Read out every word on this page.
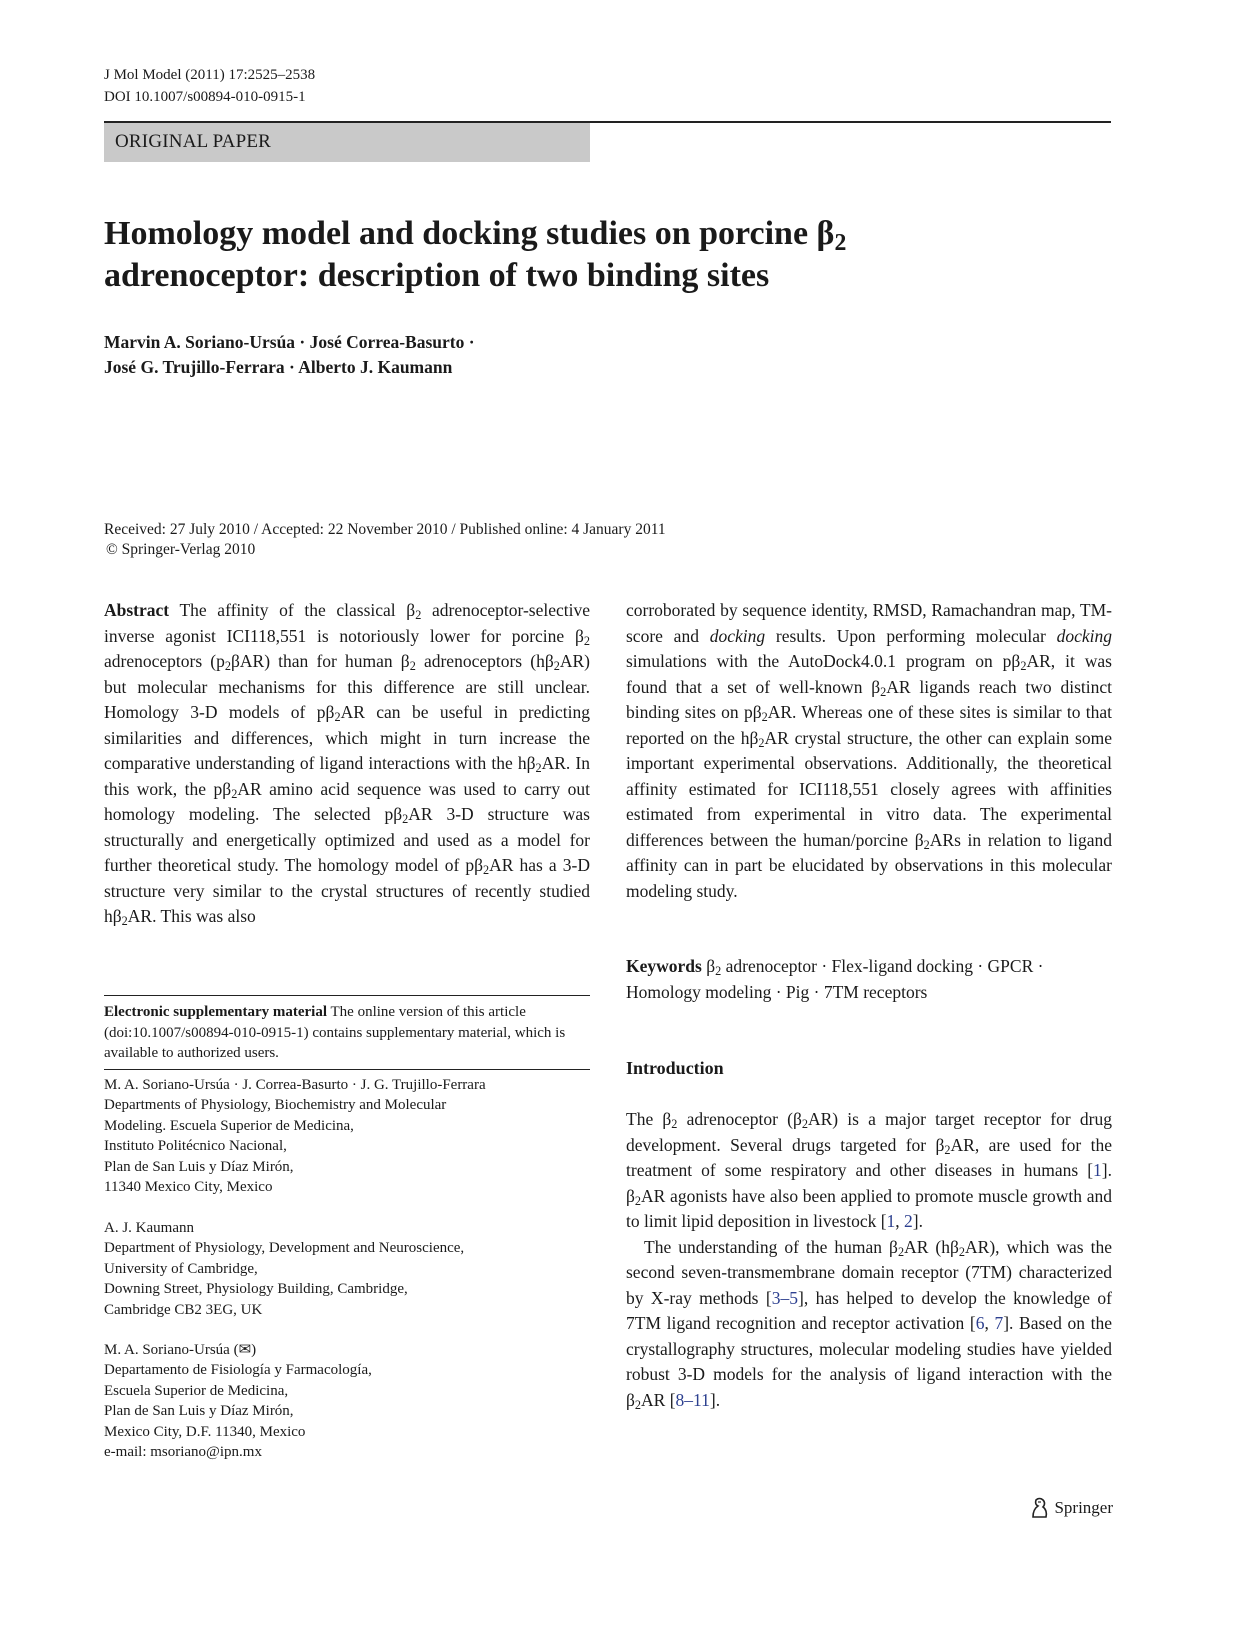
J Mol Model (2011) 17:2525–2538
DOI 10.1007/s00894-010-0915-1
ORIGINAL PAPER
Homology model and docking studies on porcine $\beta_2$
adrenoceptor: description of two binding sites
Marvin A. Soriano-Ursúa · José Correa-Basurto ·
José G. Trujillo-Ferrara · Alberto J. Kaumann
Received: 27 July 2010 / Accepted: 22 November 2010 / Published online: 4 January 2011
© Springer-Verlag 2010
Abstract The affinity of the classical $\beta_2$ adrenoceptor-selective inverse agonist ICI118,551 is notoriously lower for porcine $\beta_2$ adrenoceptors $(p_2\beta AR)$ than for human $\beta_2$ adrenoceptors $(h\beta_2AR)$ but molecular mechanisms for this difference are still unclear. Homology 3-D models of $p\beta_2AR$ can be useful in predicting similarities and differences, which might in turn increase the comparative understanding of ligand interactions with the $h\beta_2AR$. In this work, the $p\beta_2AR$ amino acid sequence was used to carry out homology modeling. The selected $p\beta_2AR$ 3-D structure was structurally and energetically optimized and used as a model for further theoretical study. The homology model of $p\beta_2AR$ has a 3-D structure very similar to the crystal structures of recently studied $h\beta_2AR$. This was also
corroborated by sequence identity, RMSD, Ramachandran map, TM-score and docking results. Upon performing molecular docking simulations with the AutoDock4.0.1 program on $p\beta_2AR$, it was found that a set of well-known $\beta_2AR$ ligands reach two distinct binding sites on $p\beta_2AR$. Whereas one of these sites is similar to that reported on the $h\beta_2AR$ crystal structure, the other can explain some important experimental observations. Additionally, the theoretical affinity estimated for ICI118,551 closely agrees with affinities estimated from experimental in vitro data. The experimental differences between the human/porcine $\beta_2ARs$ in relation to ligand affinity can in part be elucidated by observations in this molecular modeling study.
Keywords $\beta_2$ adrenoceptor · Flex-ligand docking · GPCR · Homology modeling · Pig · 7TM receptors
Electronic supplementary material The online version of this article (doi:10.1007/s00894-010-0915-1) contains supplementary material, which is available to authorized users.
M. A. Soriano-Ursúa · J. Correa-Basurto · J. G. Trujillo-Ferrara
Departments of Physiology, Biochemistry and Molecular
Modeling. Escuela Superior de Medicina,
Instituto Politécnico Nacional,
Plan de San Luis y Díaz Mirón,
11340 Mexico City, Mexico
A. J. Kaumann
Department of Physiology, Development and Neuroscience,
University of Cambridge,
Downing Street, Physiology Building, Cambridge,
Cambridge CB2 3EG, UK
M. A. Soriano-Ursúa (✉)
Departamento de Fisiología y Farmacología,
Escuela Superior de Medicina,
Plan de San Luis y Díaz Mirón,
Mexico City, D.F. 11340, Mexico
e-mail: msoriano@ipn.mx
Introduction

The $\beta_2$ adrenoceptor $(\beta_2AR)$ is a major target receptor for drug development. Several drugs targeted for $\beta_2AR$, are used for the treatment of some respiratory and other diseases in humans [1]. $\beta_2AR$ agonists have also been applied to promote muscle growth and to limit lipid deposition in livestock [1, 2].

The understanding of the human $\beta_2AR$ $(h\beta_2AR)$, which was the second seven-transmembrane domain receptor (7TM) characterized by X-ray methods [3–5], has helped to develop the knowledge of 7TM ligand recognition and receptor activation [6, 7]. Based on the crystallography structures, molecular modeling studies have yielded robust 3-D models for the analysis of ligand interaction with the $\beta_2AR$ [8–11].

Springer
